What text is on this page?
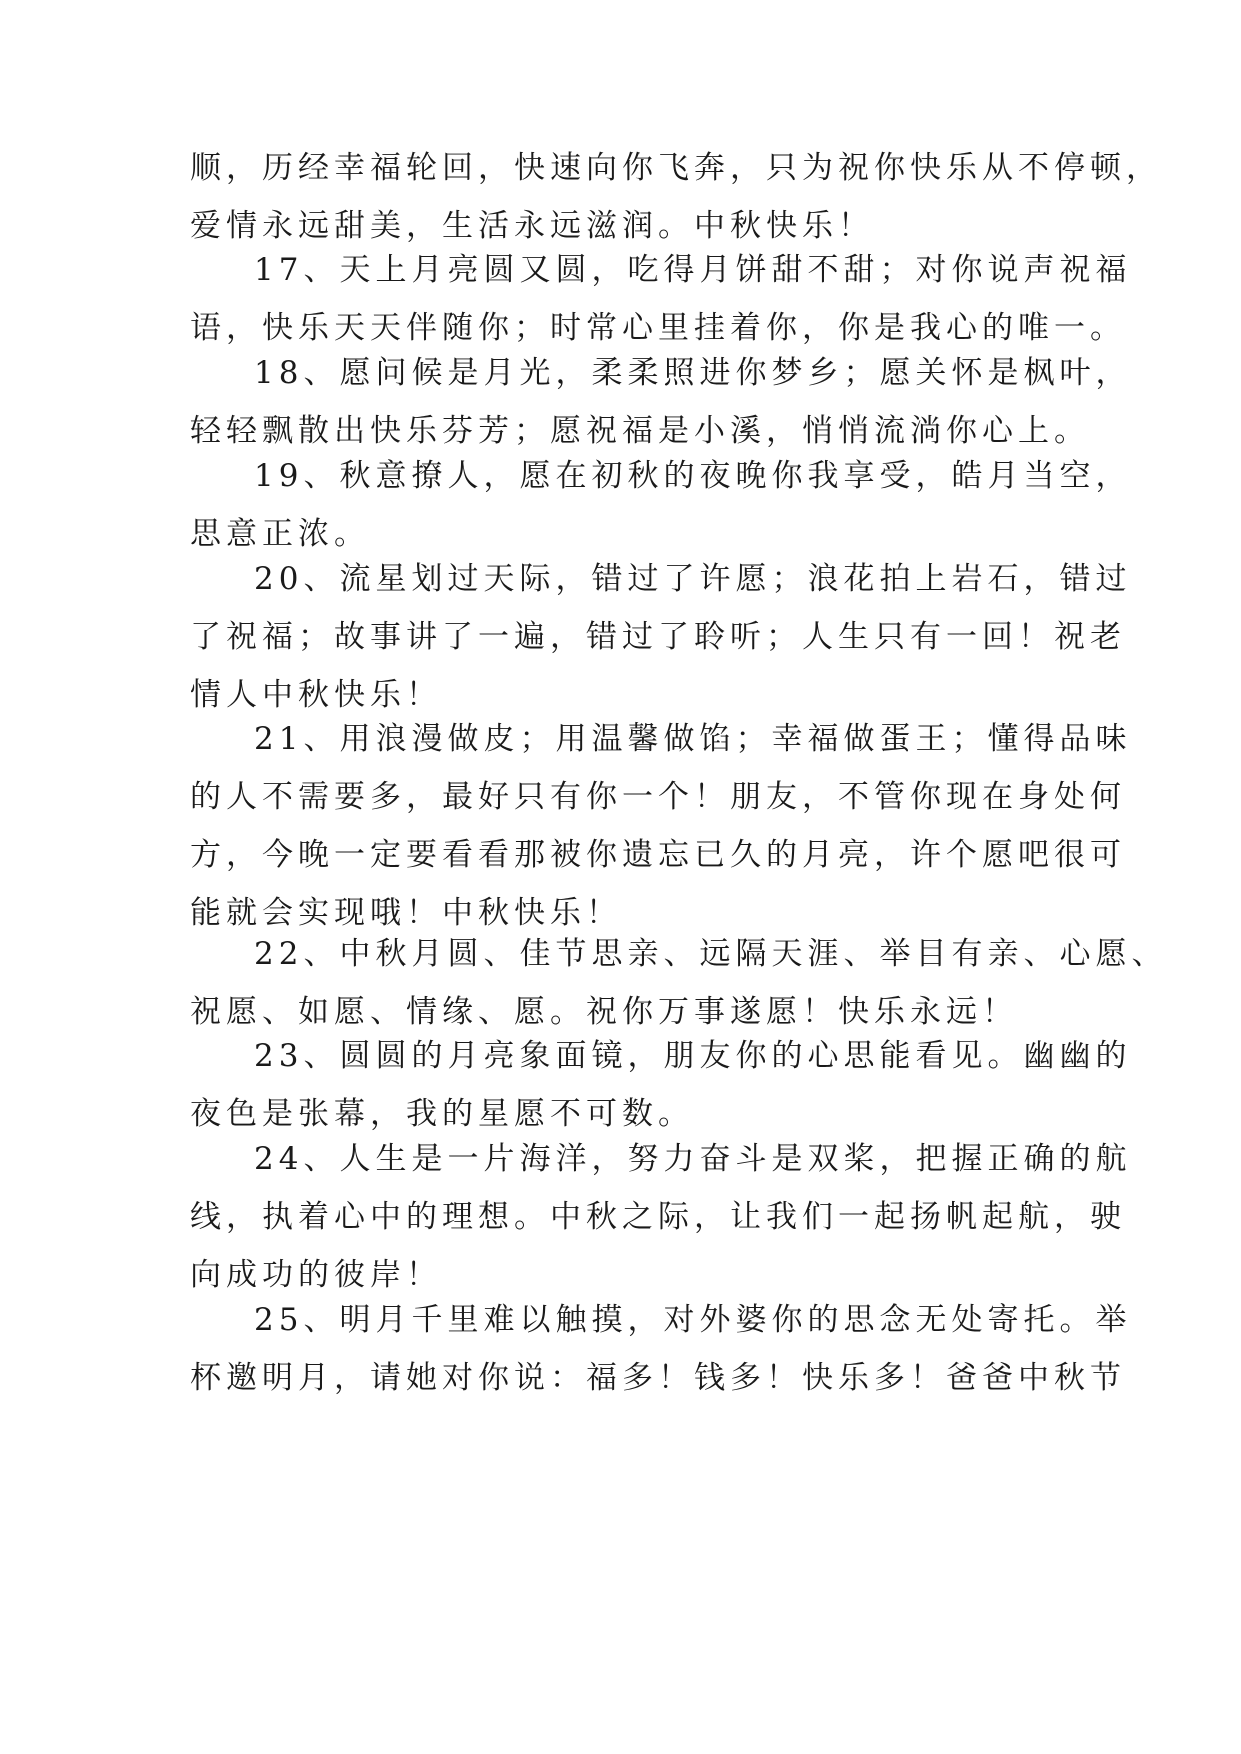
顺，历经幸福轮回，快速向你飞奔，只为祝你快乐从不停顿，
爱情永远甜美，生活永远滋润。中秋快乐！

17、天上月亮圆又圆，吃得月饼甜不甜；对你说声祝福
语，快乐天天伴随你；时常心里挂着你，你是我心的唯一。

18、愿问候是月光，柔柔照进你梦乡；愿关怀是枫叶，
轻轻飘散出快乐芬芳；愿祝福是小溪，悄悄流淌你心上。

19、秋意撩人，愿在初秋的夜晚你我享受，皓月当空，
思意正浓。

20、流星划过天际，错过了许愿；浪花拍上岩石，错过
了祝福；故事讲了一遍，错过了聆听；人生只有一回！祝老
情人中秋快乐！

21、用浪漫做皮；用温馨做馅；幸福做蛋王；懂得品味
的人不需要多，最好只有你一个！朋友，不管你现在身处何
方，今晚一定要看看那被你遗忘已久的月亮，许个愿吧很可
能就会实现哦！中秋快乐！

22、中秋月圆、佳节思亲、远隔天涯、举目有亲、心愿、
祝愿、如愿、情缘、愿。祝你万事遂愿！快乐永远！

23、圆圆的月亮象面镜，朋友你的心思能看见。幽幽的
夜色是张幕，我的星愿不可数。

24、人生是一片海洋，努力奋斗是双桨，把握正确的航
线，执着心中的理想。中秋之际，让我们一起扬帆起航，驶
向成功的彼岸！

25、明月千里难以触摸，对外婆你的思念无处寄托。举
杯邀明月，请她对你说：福多！钱多！快乐多！爸爸中秋节
